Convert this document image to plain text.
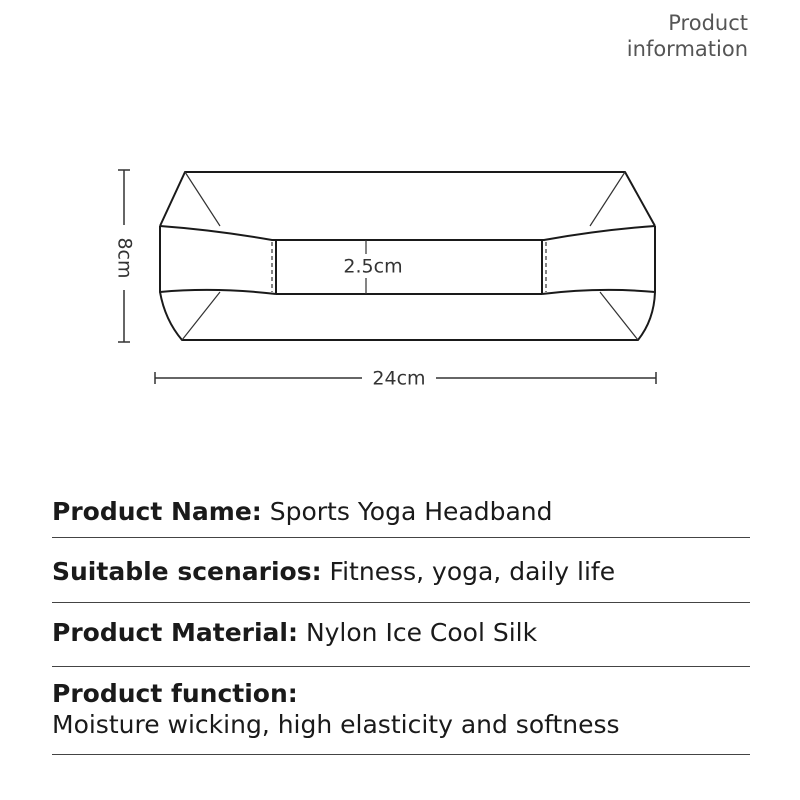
Product
information
8cm	2.5cm
24cm
Product Name: Sports Yoga Headband
Suitable scenarios: Fitness, yoga, daily life
Product Material: Nylon Ice Cool Silk
Product function:
Moisture wicking, high elasticity and softness
